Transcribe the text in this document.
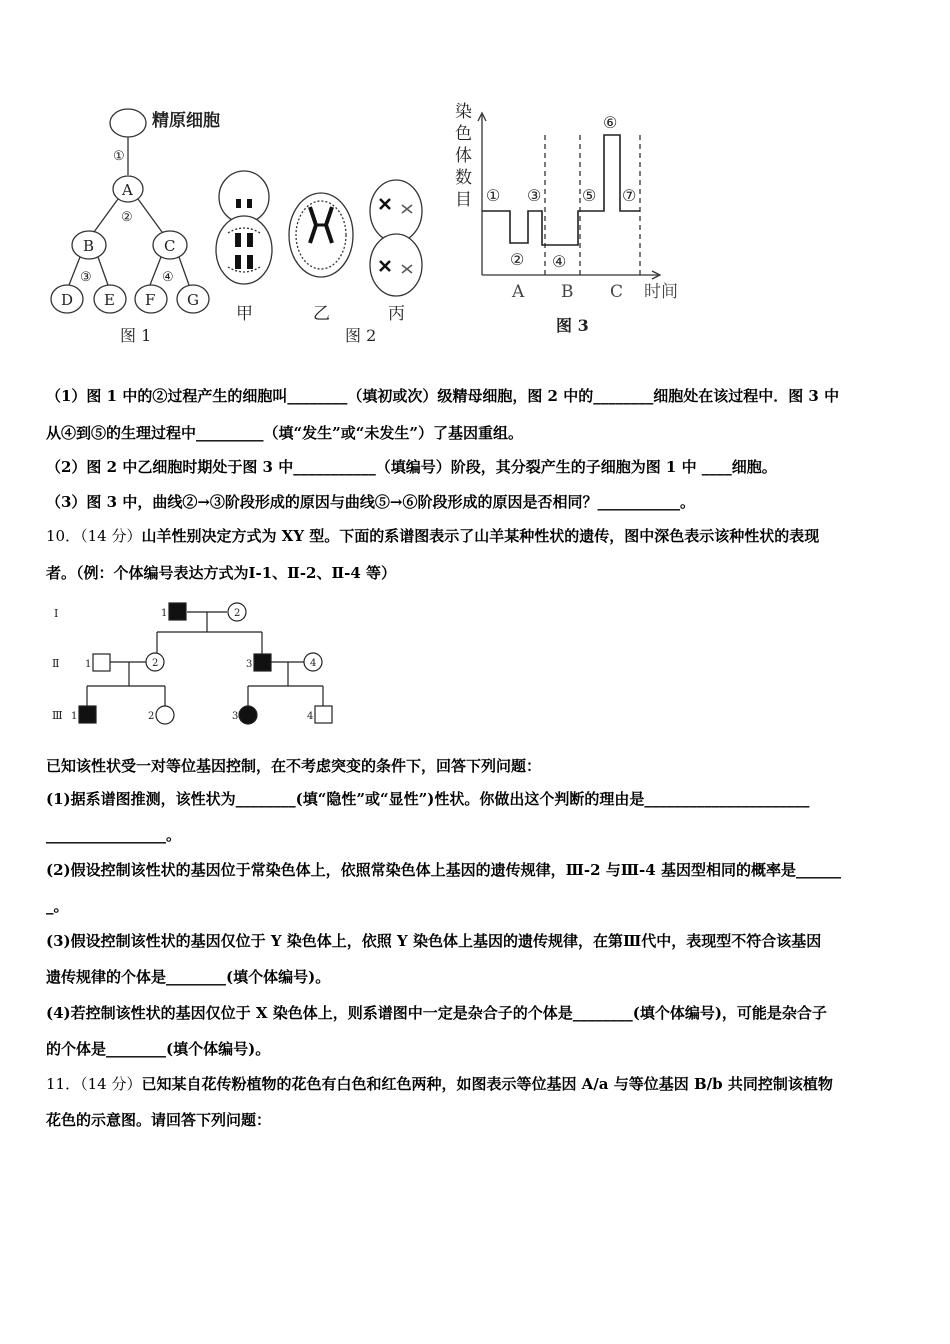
精原细胞
①
A
②
B	C
③	④
D E F G
图 1
甲	乙	丙
图 2
染 色 体 数 目 ①
②
③
④
⑤
⑥
⑦
A B C 时间
图 3
（1）图 1 中的②过程产生的细胞叫________（填初或次）级精母细胞，图 2 中的________细胞处在该过程中．图 3 中
从④到⑤的生理过程中_________（填“发生”或“未发生”）了基因重组。
（2）图 2 中乙细胞时期处于图 3 中___________（填编号）阶段，其分裂产生的子细胞为图 1 中 ____细胞。
（3）图 3 中，曲线②→③阶段形成的原因与曲线⑤→⑥阶段形成的原因是否相同？___________。
10．（14 分）山羊性别决定方式为 XY 型。下面的系谱图表示了山羊某种性状的遗传，图中深色表示该种性状的表现
者。（例：个体编号表达方式为Ⅰ-1、Ⅱ-2、Ⅱ-4 等）
Ⅰ
Ⅱ
Ⅲ
1	2
1	2	3	4
1	2	3	4
已知该性状受一对等位基因控制，在不考虑突变的条件下，回答下列问题：
(1)据系谱图推测，该性状为________(填“隐性”或“显性”)性状。你做出这个判断的理由是______________________
________________。
(2)假设控制该性状的基因位于常染色体上，依照常染色体上基因的遗传规律，Ⅲ-2 与Ⅲ-4 基因型相同的概率是______
_。
(3)假设控制该性状的基因仅位于 Y 染色体上，依照 Y 染色体上基因的遗传规律，在第Ⅲ代中，表现型不符合该基因
遗传规律的个体是________(填个体编号)。
(4)若控制该性状的基因仅位于 X 染色体上，则系谱图中一定是杂合子的个体是________(填个体编号)，可能是杂合子
的个体是________(填个体编号)。
11．（14 分）已知某自花传粉植物的花色有白色和红色两种，如图表示等位基因 A/a 与等位基因 B/b 共同控制该植物
花色的示意图。请回答下列问题：
